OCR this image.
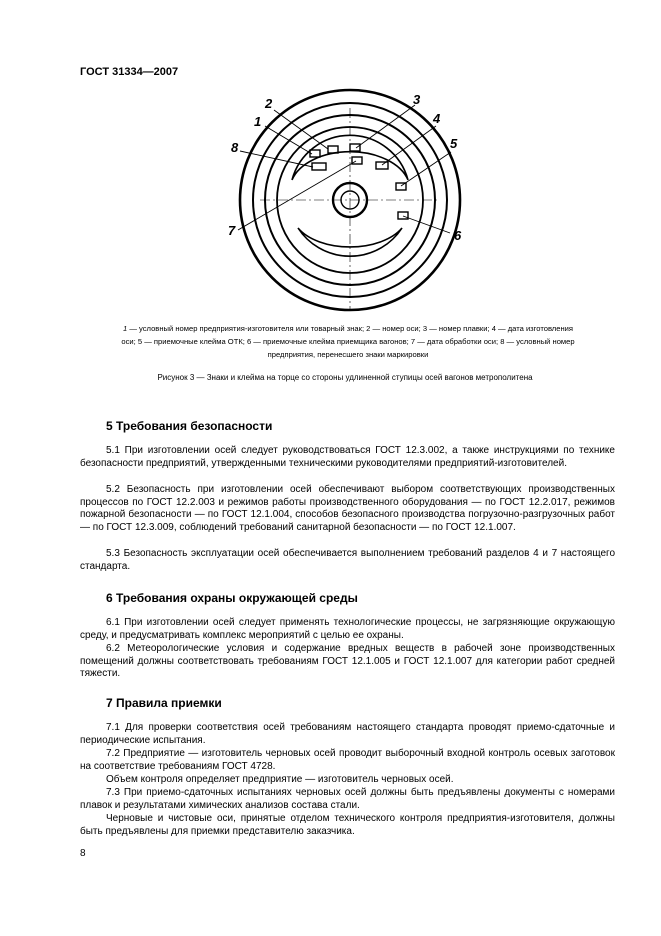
ГОСТ 31334—2007
1
2	3
4
5
6
7
8
1 — условный номер предприятия-изготовителя или товарный знак; 2 — номер оси; 3 — номер плавки; 4 — дата изготовления
оси; 5 — приемочные клейма ОТК; 6 — приемочные клейма приемщика вагонов; 7 — дата обработки оси; 8 — условный номер
предприятия, перенесшего знаки маркировки
Рисунок 3 — Знаки и клейма на торце со стороны удлиненной ступицы осей вагонов метрополитена
5 Требования безопасности

5.1 При изготовлении осей следует руководствоваться ГОСТ 12.3.002, а также инструкциями по технике безопасности предприятий, утвержденными техническими руководителями предприятий-изготовителей.

5.2 Безопасность при изготовлении осей обеспечивают выбором соответствующих производственных процессов по ГОСТ 12.2.003 и режимов работы производственного оборудования — по ГОСТ 12.2.017, режимов пожарной безопасности — по ГОСТ 12.1.004, способов безопасного производства погрузочно-разгрузочных работ — по ГОСТ 12.3.009, соблюдений требований санитарной безопасности — по ГОСТ 12.1.007.

5.3 Безопасность эксплуатации осей обеспечивается выполнением требований разделов 4 и 7 настоящего стандарта.

6 Требования охраны окружающей среды

6.1 При изготовлении осей следует применять технологические процессы, не загрязняющие окружающую среду, и предусматривать комплекс мероприятий с целью ее охраны.

6.2 Метеорологические условия и содержание вредных веществ в рабочей зоне производственных помещений должны соответствовать требованиям ГОСТ 12.1.005 и ГОСТ 12.1.007 для категории работ средней тяжести.

7 Правила приемки

7.1 Для проверки соответствия осей требованиям настоящего стандарта проводят приемо-сдаточные и периодические испытания.

7.2 Предприятие — изготовитель черновых осей проводит выборочный входной контроль осевых заготовок на соответствие требованиям ГОСТ 4728.

Объем контроля определяет предприятие — изготовитель черновых осей.

7.3 При приемо-сдаточных испытаниях черновых осей должны быть предъявлены документы с номерами плавок и результатами химических анализов состава стали.

Черновые и чистовые оси, принятые отделом технического контроля предприятия-изготовителя, должны быть предъявлены для приемки представителю заказчика.

8
